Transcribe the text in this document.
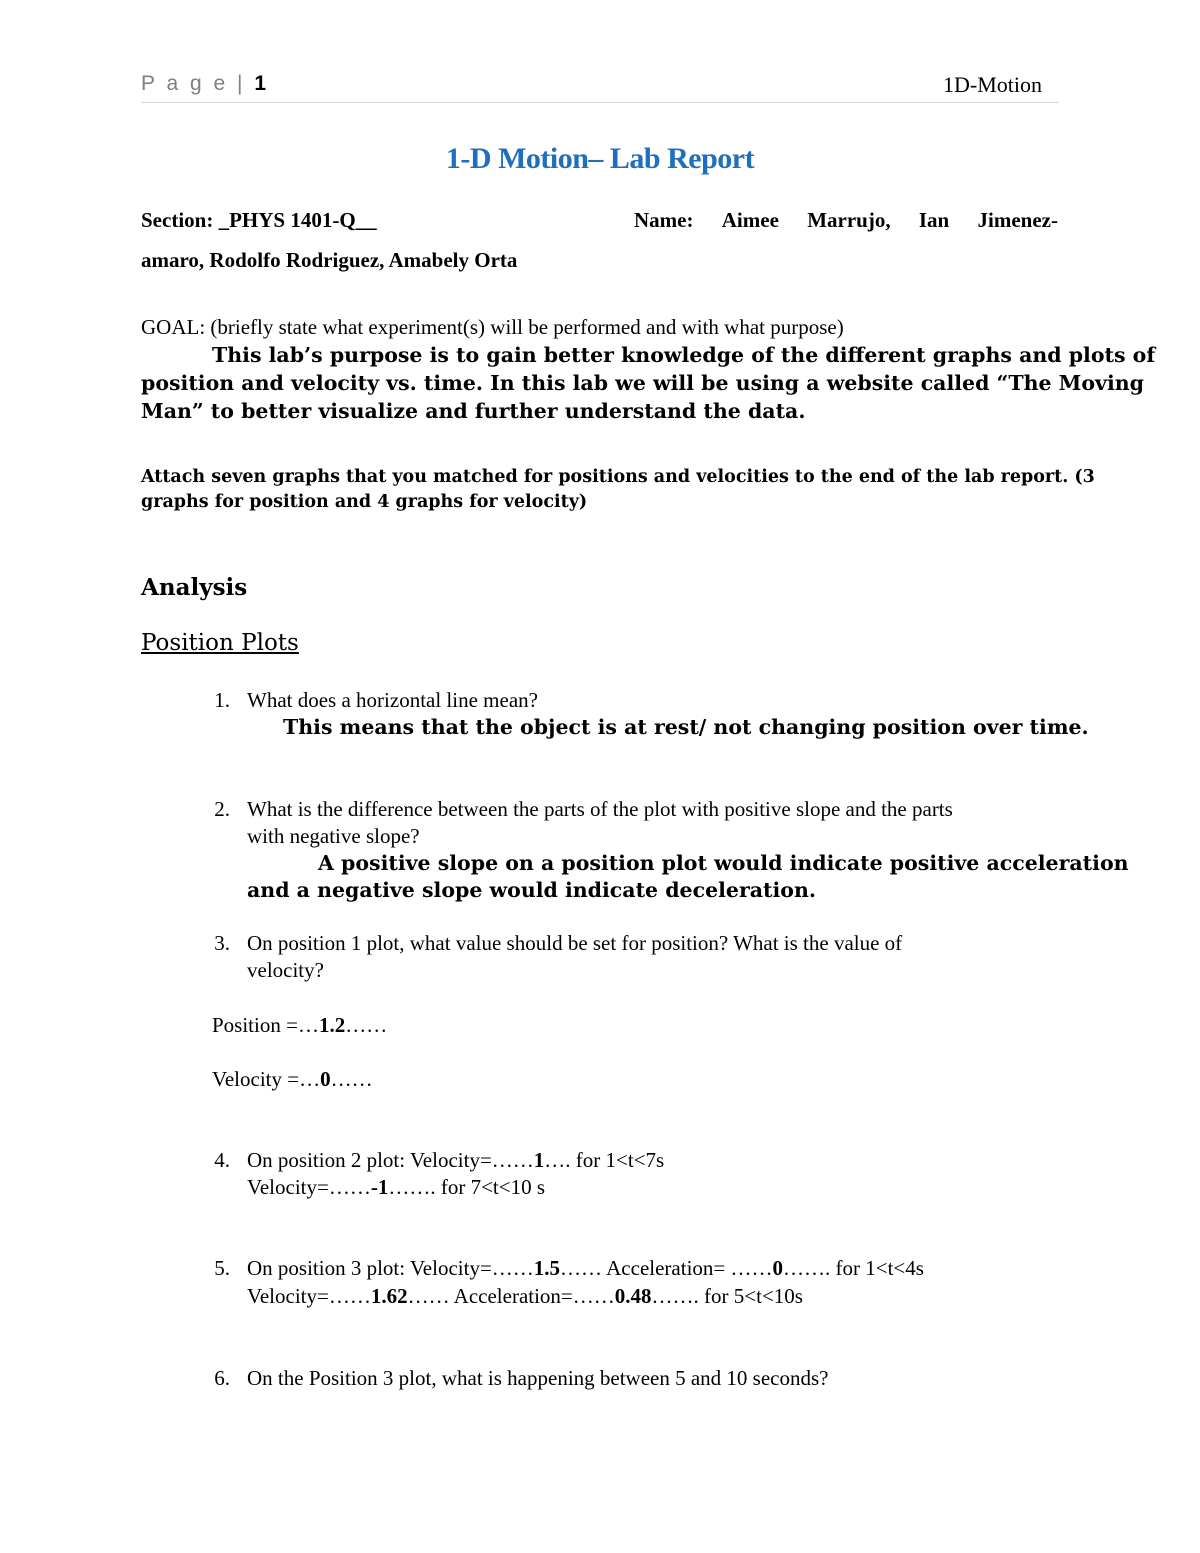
P a g e | 1	1D-Motion
1-D Motion– Lab Report
Section: _PHYS 1401-Q__	Name: Aimee Marrujo, Ian Jimenez-
amaro, Rodolfo Rodriguez, Amabely Orta
GOAL: (briefly state what experiment(s) will be performed and with what purpose)
This lab’s purpose is to gain better knowledge of the different graphs and plots of
position and velocity vs. time. In this lab we will be using a website called “The Moving
Man” to better visualize and further understand the data.
Attach seven graphs that you matched for positions and velocities to the end of the lab report. (3
graphs for position and 4 graphs for velocity)
Analysis
Position Plots
1. What does a horizontal line mean?
This means that the object is at rest/ not changing position over time.
2. What is the difference between the parts of the plot with positive slope and the parts
with negative slope?
A positive slope on a position plot would indicate positive acceleration
and a negative slope would indicate deceleration.
3. On position 1 plot, what value should be set for position? What is the value of
velocity?
Position =…1.2……
Velocity =…0……
4. On position 2 plot: Velocity=……1…. for 1<t<7s
Velocity=……-1……. for 7<t<10 s
5. On position 3 plot: Velocity=……1.5…… Acceleration= ……0……. for 1<t<4s
Velocity=……1.62…… Acceleration=……0.48……. for 5<t<10s
6. On the Position 3 plot, what is happening between 5 and 10 seconds?
